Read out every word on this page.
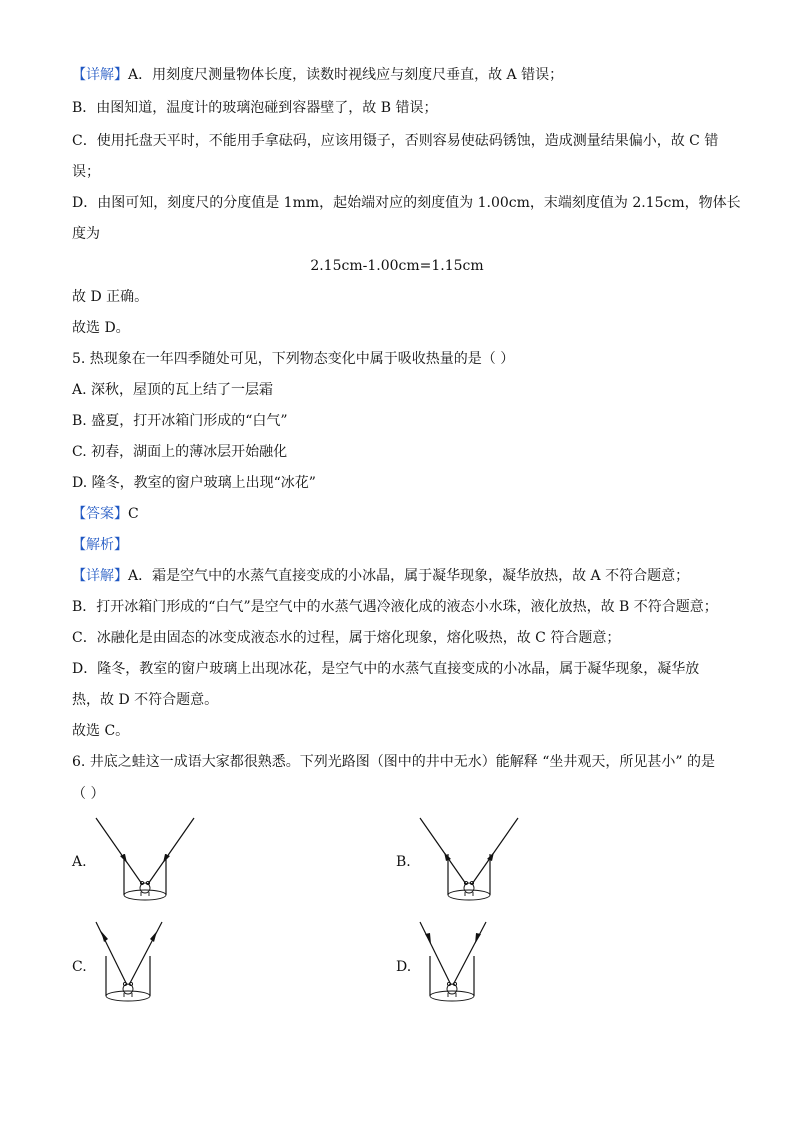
【详解】A．用刻度尺测量物体长度，读数时视线应与刻度尺垂直，故 A 错误；
B．由图知道，温度计的玻璃泡碰到容器壁了，故 B 错误；
C．使用托盘天平时，不能用手拿砝码，应该用镊子，否则容易使砝码锈蚀，造成测量结果偏小，故 C 错
误；
D．由图可知，刻度尺的分度值是 1mm，起始端对应的刻度值为 1.00cm，末端刻度值为 2.15cm，物体长
度为
2.15cm-1.00cm=1.15cm
故 D 正确。
故选 D。
5. 热现象在一年四季随处可见，下列物态变化中属于吸收热量的是（ ）
A. 深秋，屋顶的瓦上结了一层霜
B. 盛夏，打开冰箱门形成的“白气”
C. 初春，湖面上的薄冰层开始融化
D. 隆冬，教室的窗户玻璃上出现“冰花”
【答案】C
【解析】
【详解】A．霜是空气中的水蒸气直接变成的小冰晶，属于凝华现象，凝华放热，故 A 不符合题意；
B．打开冰箱门形成的“白气”是空气中的水蒸气遇冷液化成的液态小水珠，液化放热，故 B 不符合题意；
C．冰融化是由固态的冰变成液态水的过程，属于熔化现象，熔化吸热，故 C 符合题意；
D．隆冬，教室的窗户玻璃上出现冰花，是空气中的水蒸气直接变成的小冰晶，属于凝华现象，凝华放
热，故 D 不符合题意。
故选 C。
6. 井底之蛙这一成语大家都很熟悉。下列光路图（图中的井中无水）能解释 “坐井观天，所见甚小” 的是
（ ）
A.	B.
C.	D.
